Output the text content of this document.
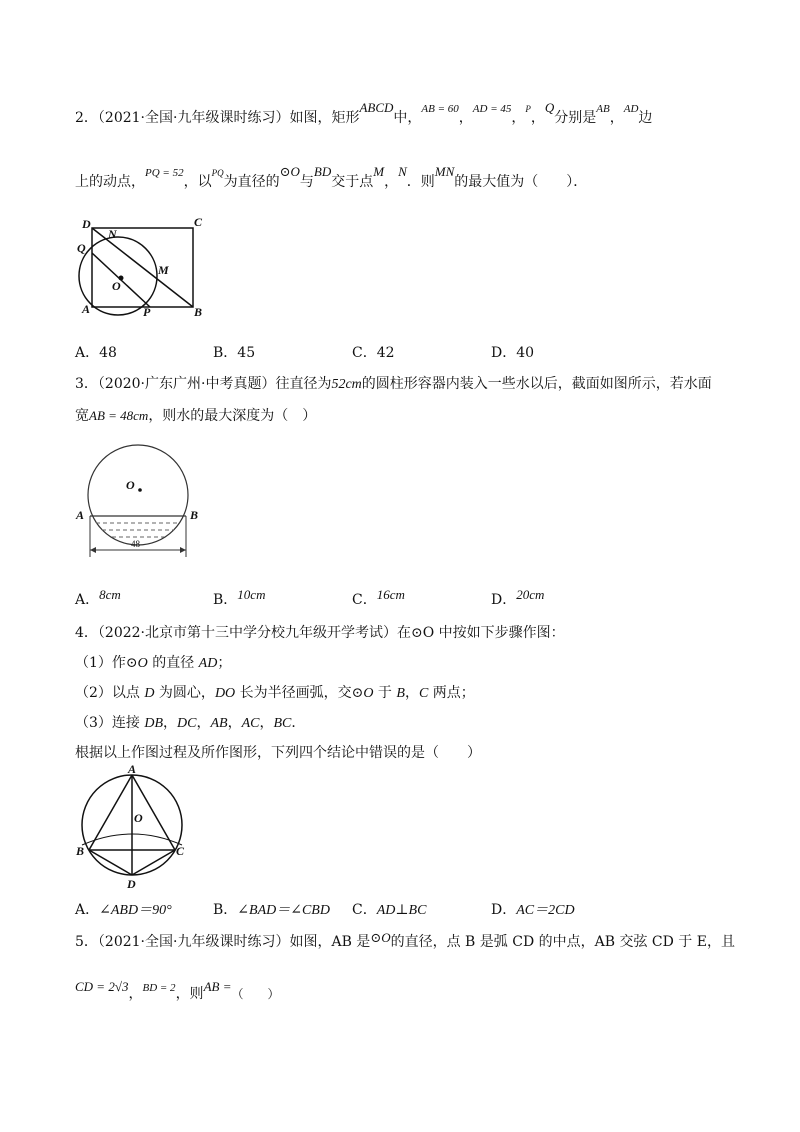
2．（2021·全国·九年级课时练习）如图，矩形ABCD中，$^{AB = 60}$，$^{AD = 45}$，$^P$，Q分别是$^{AB}$，$^{AD}$边
上的动点，$^{PQ = 52}$，以$^{PQ}$为直径的⊙O与BD交于点M，N．则MN的最大值为（　　）．
D	C
N
Q
M
O
A	P	B
A．48	B．45	C．42	D．40
3．（2020·广东广州·中考真题）往直径为52cm的圆柱形容器内装入一些水以后，截面如图所示，若水面
宽AB = 48cm，则水的最大深度为（　）
O
A	B
48
A．8cm	B．10cm	C．16cm	D．20cm
4．（2022·北京市第十三中学分校九年级开学考试）在⊙O 中按如下步骤作图：
（1）作⊙O 的直径 AD；
（2）以点 D 为圆心，DO 长为半径画弧，交⊙O 于 B，C 两点；
（3）连接 DB，DC，AB，AC，BC．
根据以上作图过程及所作图形，下列四个结论中错误的是（　　）
A
O
B	C
D
A．∠ABD＝90°	B．∠BAD＝∠CBD C．AD⊥BC	D．AC＝2CD
5．（2021·全国·九年级课时练习）如图，AB 是⊙O的直径，点 B 是弧 CD 的中点，AB 交弦 CD 于 E，且
CD = 2√3，$^{BD = 2}$，则AB =（　　）
